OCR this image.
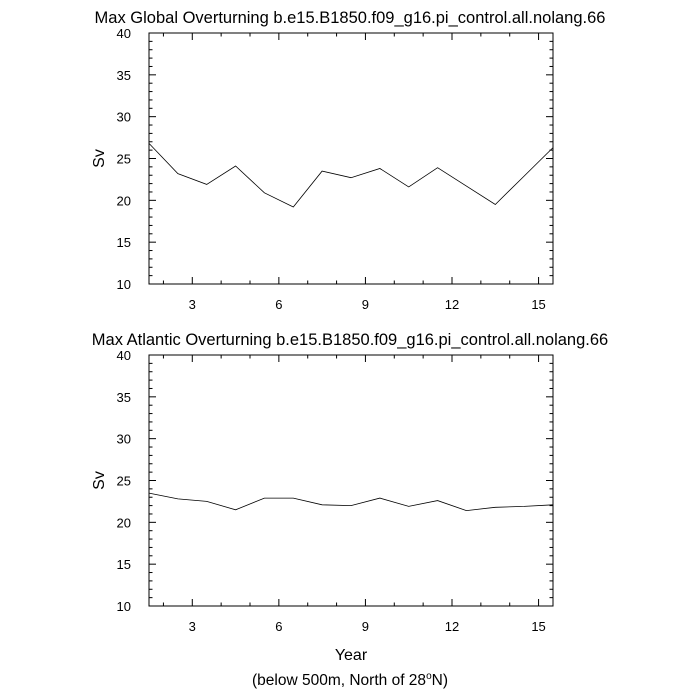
Max Global Overturning b.e15.B1850.f09_g16.pi_control.all.nolang.66
10
15
20
25
30
35
40
3	6	9	12	15
Sv
Max Atlantic Overturning b.e15.B1850.f09_g16.pi_control.all.nolang.66
10
15
20
25
30
35
40
3	6	9	12	15
Sv
Year
(below 500m, North of 28$^o$N)
